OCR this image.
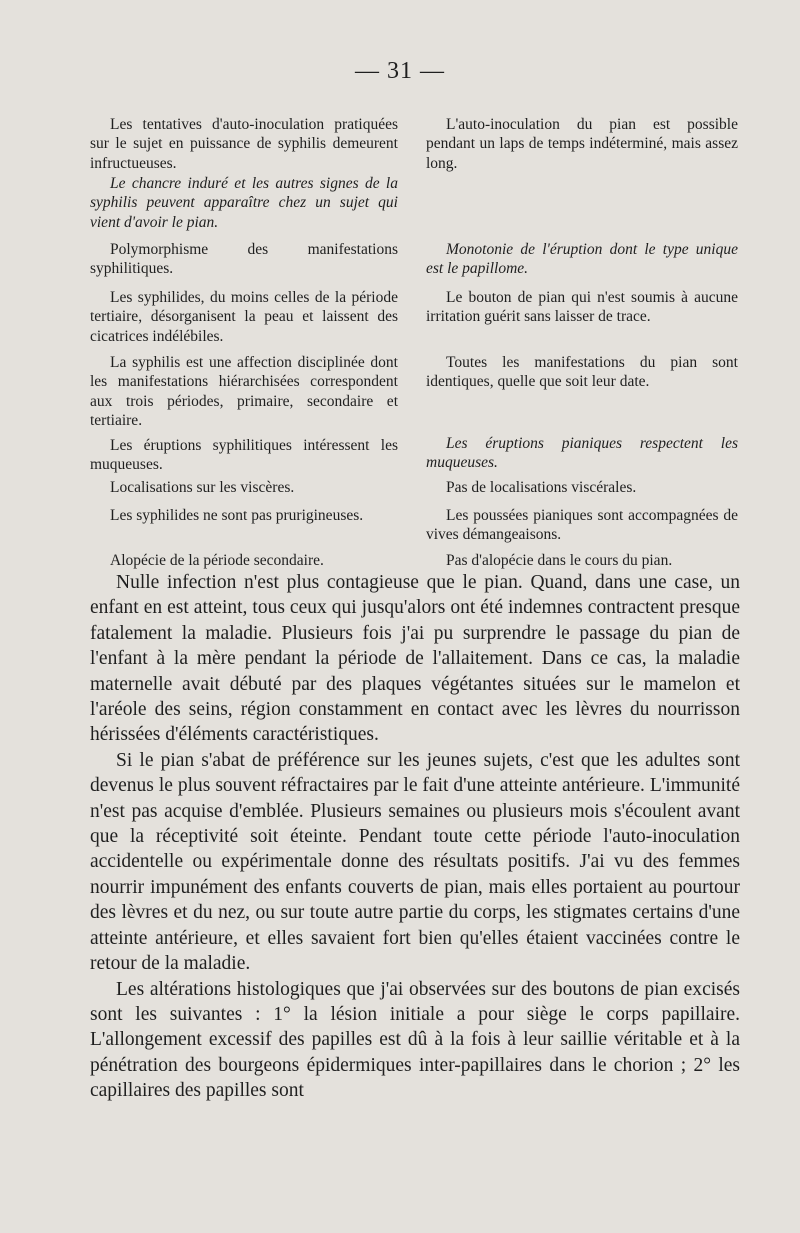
— 31 —

Les tentatives d'auto-inoculation pratiquées sur le sujet en puissance de syphilis demeurent infructueuses.

Le chancre induré et les autres signes de la syphilis peuvent apparaître chez un sujet qui vient d'avoir le pian.

Polymorphisme des manifestations syphilitiques.

Les syphilides, du moins celles de la période tertiaire, désorganisent la peau et laissent des cicatrices indélébiles.

La syphilis est une affection disciplinée dont les manifestations hiérarchisées correspondent aux trois périodes, primaire, secondaire et tertiaire.

Les éruptions syphilitiques intéressent les muqueuses.

Localisations sur les viscères.

Les syphilides ne sont pas prurigineuses.

Alopécie de la période secondaire.

L'auto-inoculation du pian est possible pendant un laps de temps indéterminé, mais assez long.

Monotonie de l'éruption dont le type unique est le papillome.

Le bouton de pian qui n'est soumis à aucune irritation guérit sans laisser de trace.

Toutes les manifestations du pian sont identiques, quelle que soit leur date.

Les éruptions pianiques respectent les muqueuses.

Pas de localisations viscérales.

Les poussées pianiques sont accompagnées de vives démangeaisons.

Pas d'alopécie dans le cours du pian.

Nulle infection n'est plus contagieuse que le pian. Quand, dans une case, un enfant en est atteint, tous ceux qui jusqu'alors ont été indemnes contractent presque fatalement la maladie. Plusieurs fois j'ai pu surprendre le passage du pian de l'enfant à la mère pendant la période de l'allaitement. Dans ce cas, la maladie maternelle avait débuté par des plaques végétantes situées sur le mamelon et l'aréole des seins, région constamment en contact avec les lèvres du nourrisson hérissées d'éléments caractéristiques.

Si le pian s'abat de préférence sur les jeunes sujets, c'est que les adultes sont devenus le plus souvent réfractaires par le fait d'une atteinte antérieure. L'immunité n'est pas acquise d'emblée. Plusieurs semaines ou plusieurs mois s'écoulent avant que la réceptivité soit éteinte. Pendant toute cette période l'auto-inoculation accidentelle ou expérimentale donne des résultats positifs. J'ai vu des femmes nourrir impunément des enfants couverts de pian, mais elles portaient au pourtour des lèvres et du nez, ou sur toute autre partie du corps, les stigmates certains d'une atteinte antérieure, et elles savaient fort bien qu'elles étaient vaccinées contre le retour de la maladie.

Les altérations histologiques que j'ai observées sur des boutons de pian excisés sont les suivantes : 1° la lésion initiale a pour siège le corps papillaire. L'allongement excessif des papilles est dû à la fois à leur saillie véritable et à la pénétration des bourgeons épidermiques inter-papillaires dans le chorion ; 2° les capillaires des papilles sont
